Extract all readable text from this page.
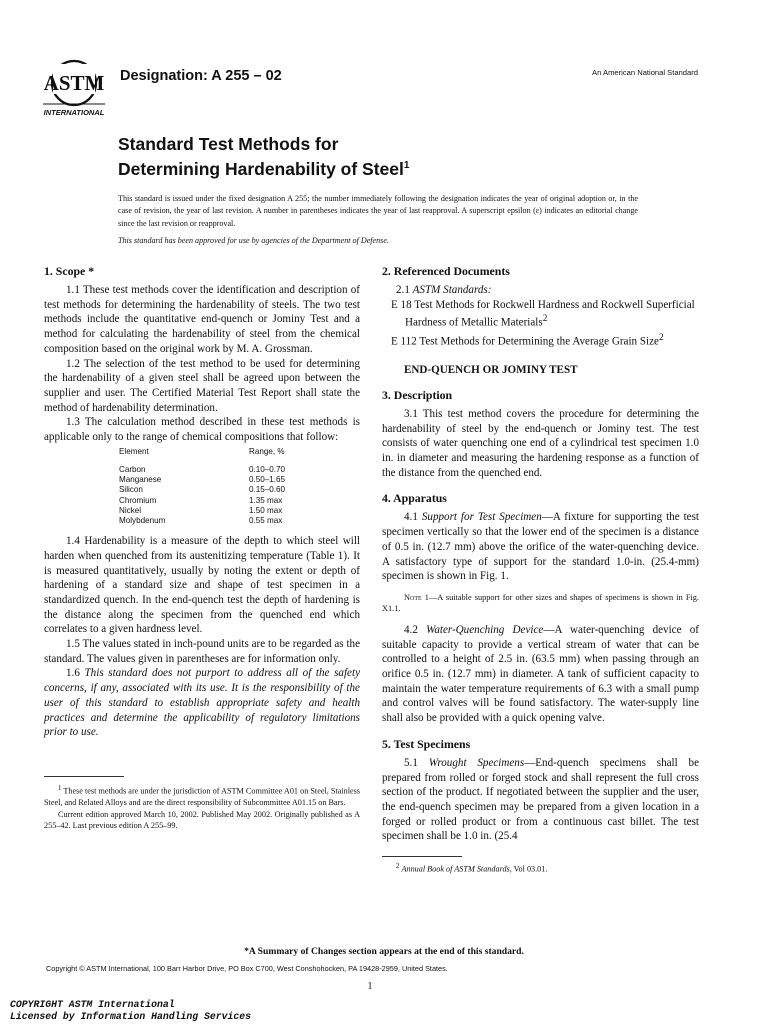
ASTM
INTERNATIONAL
Designation: A 255 – 02	An American National Standard
Standard Test Methods for
Determining Hardenability of Steel$^1$
This standard is issued under the fixed designation A 255; the number immediately following the designation indicates the year of original adoption or, in the case of revision, the year of last revision. A number in parentheses indicates the year of last reapproval. A superscript epsilon (ε) indicates an editorial change since the last revision or reapproval.
This standard has been approved for use by agencies of the Department of Defense.
1. Scope *

1.1 These test methods cover the identification and description of test methods for determining the hardenability of steels. The two test methods include the quantitative end-quench or Jominy Test and a method for calculating the hardenability of steel from the chemical composition based on the original work by M. A. Grossman.

1.2 The selection of the test method to be used for determining the hardenability of a given steel shall be agreed upon between the supplier and user. The Certified Material Test Report shall state the method of hardenability determination.

1.3 The calculation method described in these test methods is applicable only to the range of chemical compositions that follow:

Element	Range, %

Carbon	0.10–0.70
Manganese	0.50–1.65
Silicon	0.15–0.60
Chromium	1.35 max
Nickel	1.50 max
Molybdenum	0.55 max

1.4 Hardenability is a measure of the depth to which steel will harden when quenched from its austenitizing temperature (Table 1). It is measured quantitatively, usually by noting the extent or depth of hardening of a standard size and shape of test specimen in a standardized quench. In the end-quench test the depth of hardening is the distance along the specimen from the quenched end which correlates to a given hardness level.

1.5 The values stated in inch-pound units are to be regarded as the standard. The values given in parentheses are for information only.

1.6 This standard does not purport to address all of the safety concerns, if any, associated with its use. It is the responsibility of the user of this standard to establish appropriate safety and health practices and determine the applicability of regulatory limitations prior to use.

$^1$ These test methods are under the jurisdiction of ASTM Committee A01 on Steel, Stainless Steel, and Related Alloys and are the direct responsibility of Subcommittee A01.15 on Bars.

Current edition approved March 10, 2002. Published May 2002. Originally published as A 255–42. Last previous edition A 255–99.

2. Referenced Documents

2.1 ASTM Standards:

E 18 Test Methods for Rockwell Hardness and Rockwell Superficial Hardness of Metallic Materials$^2$

E 112 Test Methods for Determining the Average Grain Size$^2$

END-QUENCH OR JOMINY TEST

3. Description

3.1 This test method covers the procedure for determining the hardenability of steel by the end-quench or Jominy test. The test consists of water quenching one end of a cylindrical test specimen 1.0 in. in diameter and measuring the hardening response as a function of the distance from the quenched end.

4. Apparatus

4.1 Support for Test Specimen—A fixture for supporting the test specimen vertically so that the lower end of the specimen is a distance of 0.5 in. (12.7 mm) above the orifice of the water-quenching device. A satisfactory type of support for the standard 1.0-in. (25.4-mm) specimen is shown in Fig. 1.

Note 1—A suitable support for other sizes and shapes of specimens is shown in Fig. X1.1.

4.2 Water-Quenching Device—A water-quenching device of suitable capacity to provide a vertical stream of water that can be controlled to a height of 2.5 in. (63.5 mm) when passing through an orifice 0.5 in. (12.7 mm) in diameter. A tank of sufficient capacity to maintain the water temperature requirements of 6.3 with a small pump and control valves will be found satisfactory. The water-supply line shall also be provided with a quick opening valve.

5. Test Specimens

5.1 Wrought Specimens—End-quench specimens shall be prepared from rolled or forged stock and shall represent the full cross section of the product. If negotiated between the supplier and the user, the end-quench specimen may be prepared from a given location in a forged or rolled product or from a continuous cast billet. The test specimen shall be 1.0 in. (25.4

$^2$ Annual Book of ASTM Standards, Vol 03.01.

*A Summary of Changes section appears at the end of this standard.
Copyright © ASTM International, 100 Barr Harbor Drive, PO Box C700, West Conshohocken, PA 19428-2959, United States.
1
COPYRIGHT ASTM International
Licensed by Information Handling Services
